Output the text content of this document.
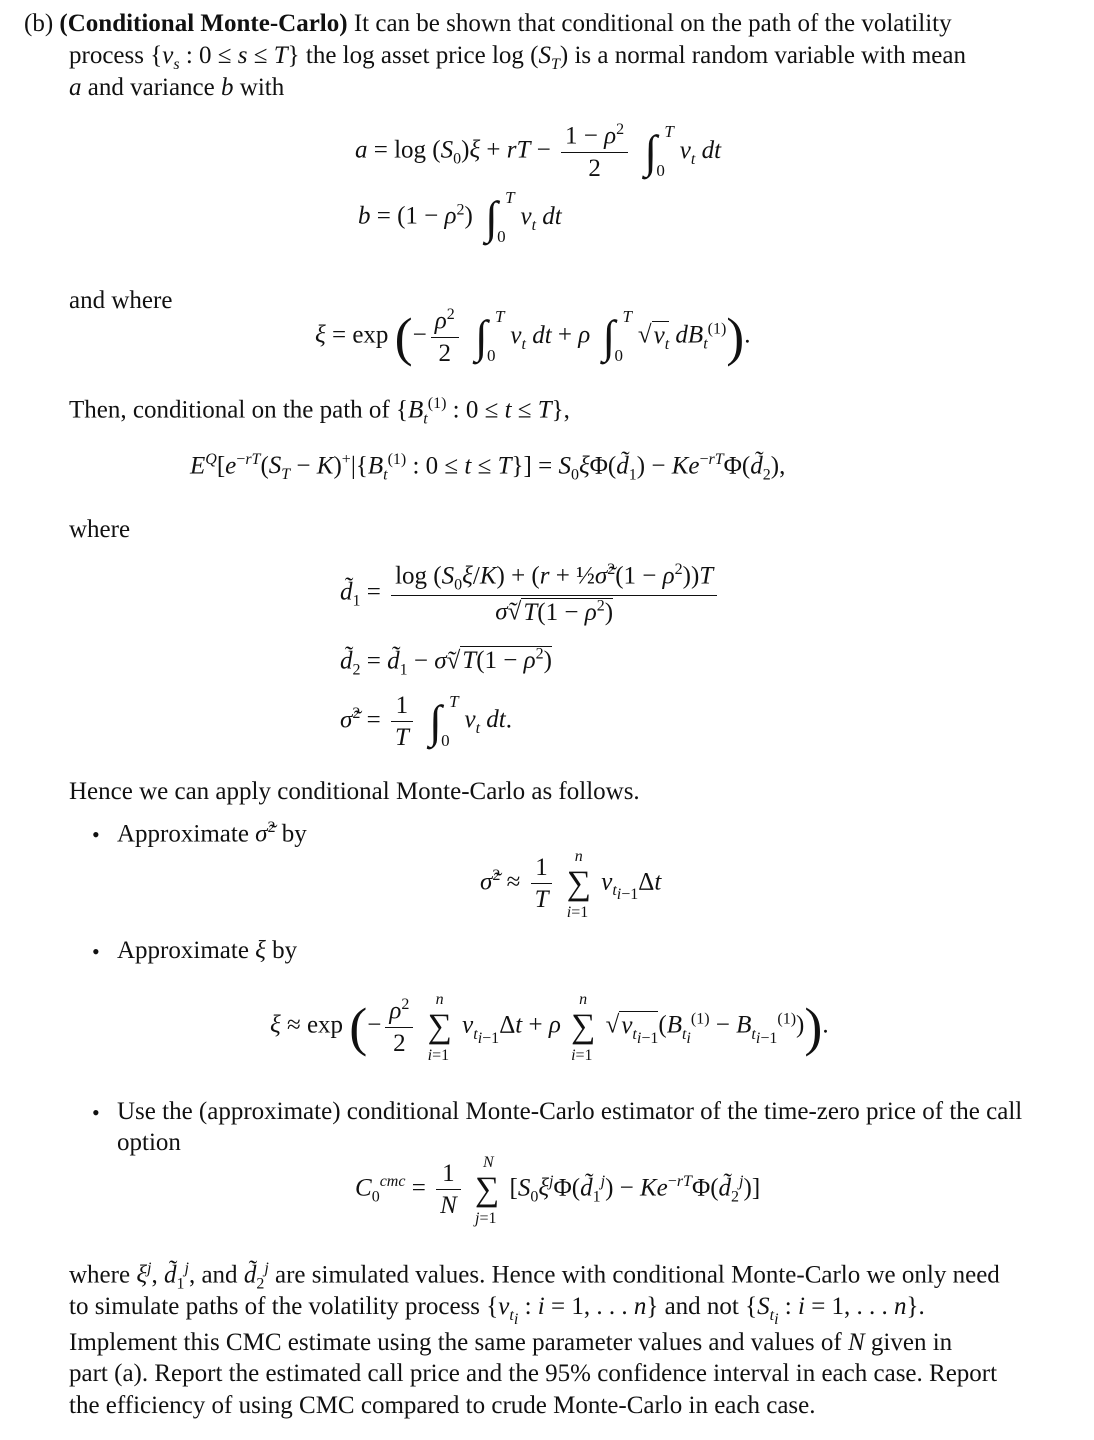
(b) (Conditional Monte-Carlo) It can be shown that conditional on the path of the volatility
process {$v_s$ : 0 ≤ s ≤ T} the log asset price $\log (S_T)$ is a normal random variable with mean
a and variance b with
$a = \log (S_0)\xi$ + rT − $\frac{1 - \rho^2}{2}$ ∫ T
0
$v_t$ dt
$b = (1 - \rho^2)$ ∫ T
0
$v_t$ dt
and where
ξ = exp (− $\frac{\rho^2}{2}$ ∫ T
0
$v_t$ dt + ρ ∫ T
0
$√v_t$ $dB_t^{(1)}$).
Then, conditional on the path of {$B_t^{(1)}$ : 0 ≤ t ≤ T},
$E^Q[e^{-rT}(S_T - K)^+|\{B_t^{(1)}$ : $0 \le t \le T\}] = S_0\xi\Phi(d̃_1)$ − $Ke^{-rT}\Phi(d̃_2)$,
where
$d̃_1 = \frac{\log (S_0\xi/K) + (r + \frac{1}{2}\sigmã^2(1 - \rho^2))T}{\sigmã√T(1 - \rho^2)}$
$d̃_2$ = $d̃_1$ − σ̃√T(1 − $\rho^2$)
σ̃$^2$ = $\frac{1}{T}$ ∫ T
0
$v_t$ dt.
Hence we can apply conditional Monte-Carlo as follows.
• Approximate σ̃$^2$ by
σ̃$^2$ ≈ $\frac{1}{T}$ ∑
n
i=1
$v_{t_{i-1}}\Delta t$
• Approximate ξ by
ξ ≈ exp (− $\frac{\rho^2}{2}$ ∑
n
i=1
$v_{t_{i-1}}\Delta t + \rho$ ∑
n
i=1
$√v_{t_{i-1}}(B_{t_i}^{(1)} - B_{t_{i-1}}^{(1)})$).
• Use the (approximate) conditional Monte-Carlo estimator of the time-zero price of the call
option
$C_0^{cmc} = \frac{1}{N}$ ∑
N
j=1
[$S_0\xi^j\Phi(d̃_1^j)$ − $Ke^{-rT}\Phi(d̃_2^j)$]
where $\xi^j$, $d̃_1^j$, and $d̃_2^j$ are simulated values. Hence with conditional Monte-Carlo we only need
to simulate paths of the volatility process {$v_{t_i}$ : i = 1, . . . n} and not {$S_{t_i}$ : i = 1, . . . n}.
Implement this CMC estimate using the same parameter values and values of N given in
part (a). Report the estimated call price and the 95% confidence interval in each case. Report
the efficiency of using CMC compared to crude Monte-Carlo in each case.
